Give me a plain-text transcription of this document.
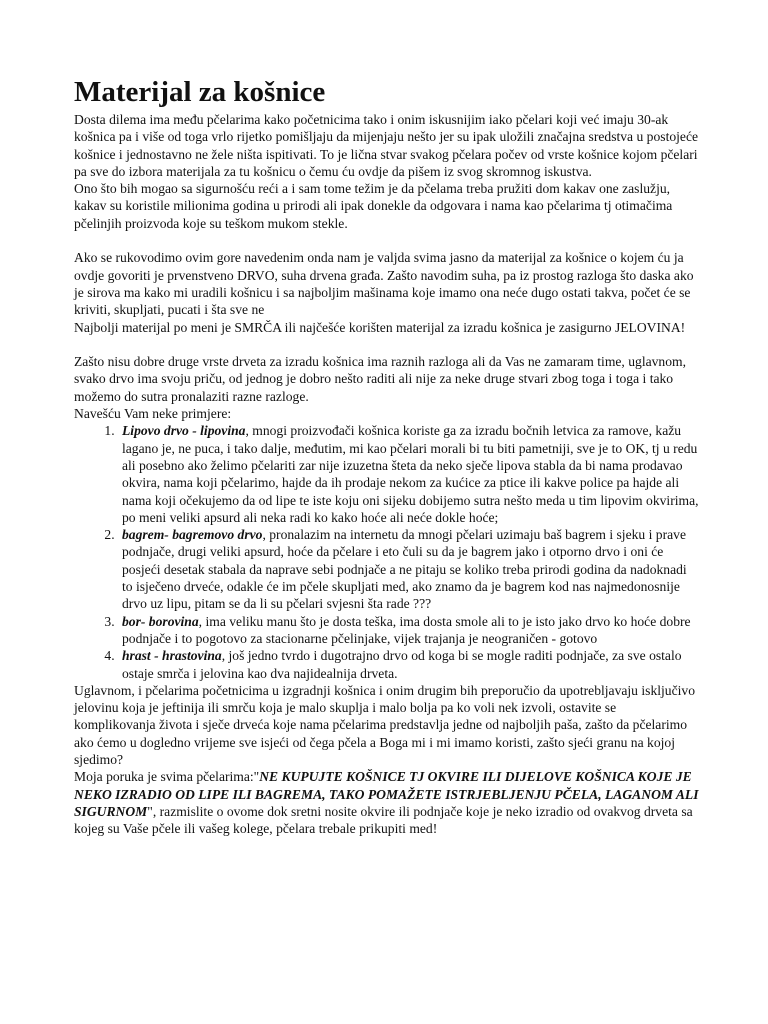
Materijal za košnice

Dosta dilema ima među pčelarima kako početnicima tako i onim iskusnijim iako pčelari koji već imaju 30-ak košnica pa i više od toga vrlo rijetko pomišljaju da mijenjaju nešto jer su ipak uložili značajna sredstva u postojeće košnice i jednostavno ne žele ništa ispitivati. To je lična stvar svakog pčelara počev od vrste košnice kojom pčelari pa sve do izbora materijala za tu košnicu o čemu ću ovdje da pišem iz svog skromnog iskustva.

Ono što bih mogao sa sigurnošću reći a i sam tome težim je da pčelama treba pružiti dom kakav one zaslužju, kakav su koristile milionima godina u prirodi ali ipak donekle da odgovara i nama kao pčelarima tj otimačima pčelinjih proizvoda koje su teškom mukom stekle.

Ako se rukovodimo ovim gore navedenim onda nam je valjda svima jasno da materijal za košnice o kojem ću ja ovdje govoriti je prvenstveno DRVO, suha drvena građa. Zašto navodim suha, pa iz prostog razloga što daska ako je sirova ma kako mi uradili košnicu i sa najboljim mašinama koje imamo ona neće dugo ostati takva, počet će se kriviti, skupljati, pucati i šta sve ne

Najbolji materijal po meni je SMRČA ili najčešće korišten materijal za izradu košnica je zasigurno JELOVINA!

Zašto nisu dobre druge vrste drveta za izradu košnica ima raznih razloga ali da Vas ne zamaram time, uglavnom, svako drvo ima svoju priču, od jednog je dobro nešto raditi ali nije za neke druge stvari zbog toga i toga i tako možemo do sutra pronalaziti razne razloge.

Navešću Vam neke primjere:

1. Lipovo drvo - lipovina, mnogi proizvođači košnica koriste ga za izradu bočnih letvica za ramove, kažu lagano je, ne puca, i tako dalje, međutim, mi kao pčelari morali bi tu biti pametniji, sve je to OK, tj u redu ali posebno ako želimo pčelariti zar nije izuzetna šteta da neko sječe lipova stabla da bi nama prodavao okvira, nama koji pčelarimo, hajde da ih prodaje nekom za kućice za ptice ili kakve police pa hajde ali nama koji očekujemo da od lipe te iste koju oni sijeku dobijemo sutra nešto meda u tim lipovim okvirima, po meni veliki apsurd ali neka radi ko kako hoće ali neće dokle hoće;
2. bagrem- bagremovo drvo, pronalazim na internetu da mnogi pčelari uzimaju baš bagrem i sjeku i prave podnjače, drugi veliki apsurd, hoće da pčelare i eto čuli su da je bagrem jako i otporno drvo i oni će posjeći desetak stabala da naprave sebi podnjače a ne pitaju se koliko treba prirodi godina da nadoknadi to isječeno drveće, odakle će im pčele skupljati med, ako znamo da je bagrem kod nas najmedonosnije drvo uz lipu, pitam se da li su pčelari svjesni šta rade ???
3. bor- borovina, ima veliku manu što je dosta teška, ima dosta smole ali to je isto jako drvo ko hoće dobre podnjače i to pogotovo za stacionarne pčelinjake, vijek trajanja je neograničen - gotovo
4. hrast - hrastovina, još jedno tvrdo i dugotrajno drvo od koga bi se mogle raditi podnjače, za sve ostalo ostaje smrča i jelovina kao dva najidealnija drveta.

Uglavnom, i pčelarima početnicima u izgradnji košnica i onim drugim bih preporučio da upotrebljavaju isključivo jelovinu koja je jeftinija ili smrču koja je malo skuplja i malo bolja pa ko voli nek izvoli, ostavite se komplikovanja života i sječe drveća koje nama pčelarima predstavlja jedne od najboljih paša, zašto da pčelarimo ako ćemo u dogledno vrijeme sve isjeći od čega pčela a Boga mi i mi imamo koristi, zašto sjeći granu na kojoj sjedimo?

Moja poruka je svima pčelarima:"NE KUPUJTE KOŠNICE TJ OKVIRE ILI DIJELOVE KOŠNICA KOJE JE NEKO IZRADIO OD LIPE ILI BAGREMA, TAKO POMAŽETE ISTRJEBLJENJU PČELA, LAGANOM ALI SIGURNOM", razmislite o ovome dok sretni nosite okvire ili podnjače koje je neko izradio od ovakvog drveta sa kojeg su Vaše pčele ili vašeg kolege, pčelara trebale prikupiti med!
